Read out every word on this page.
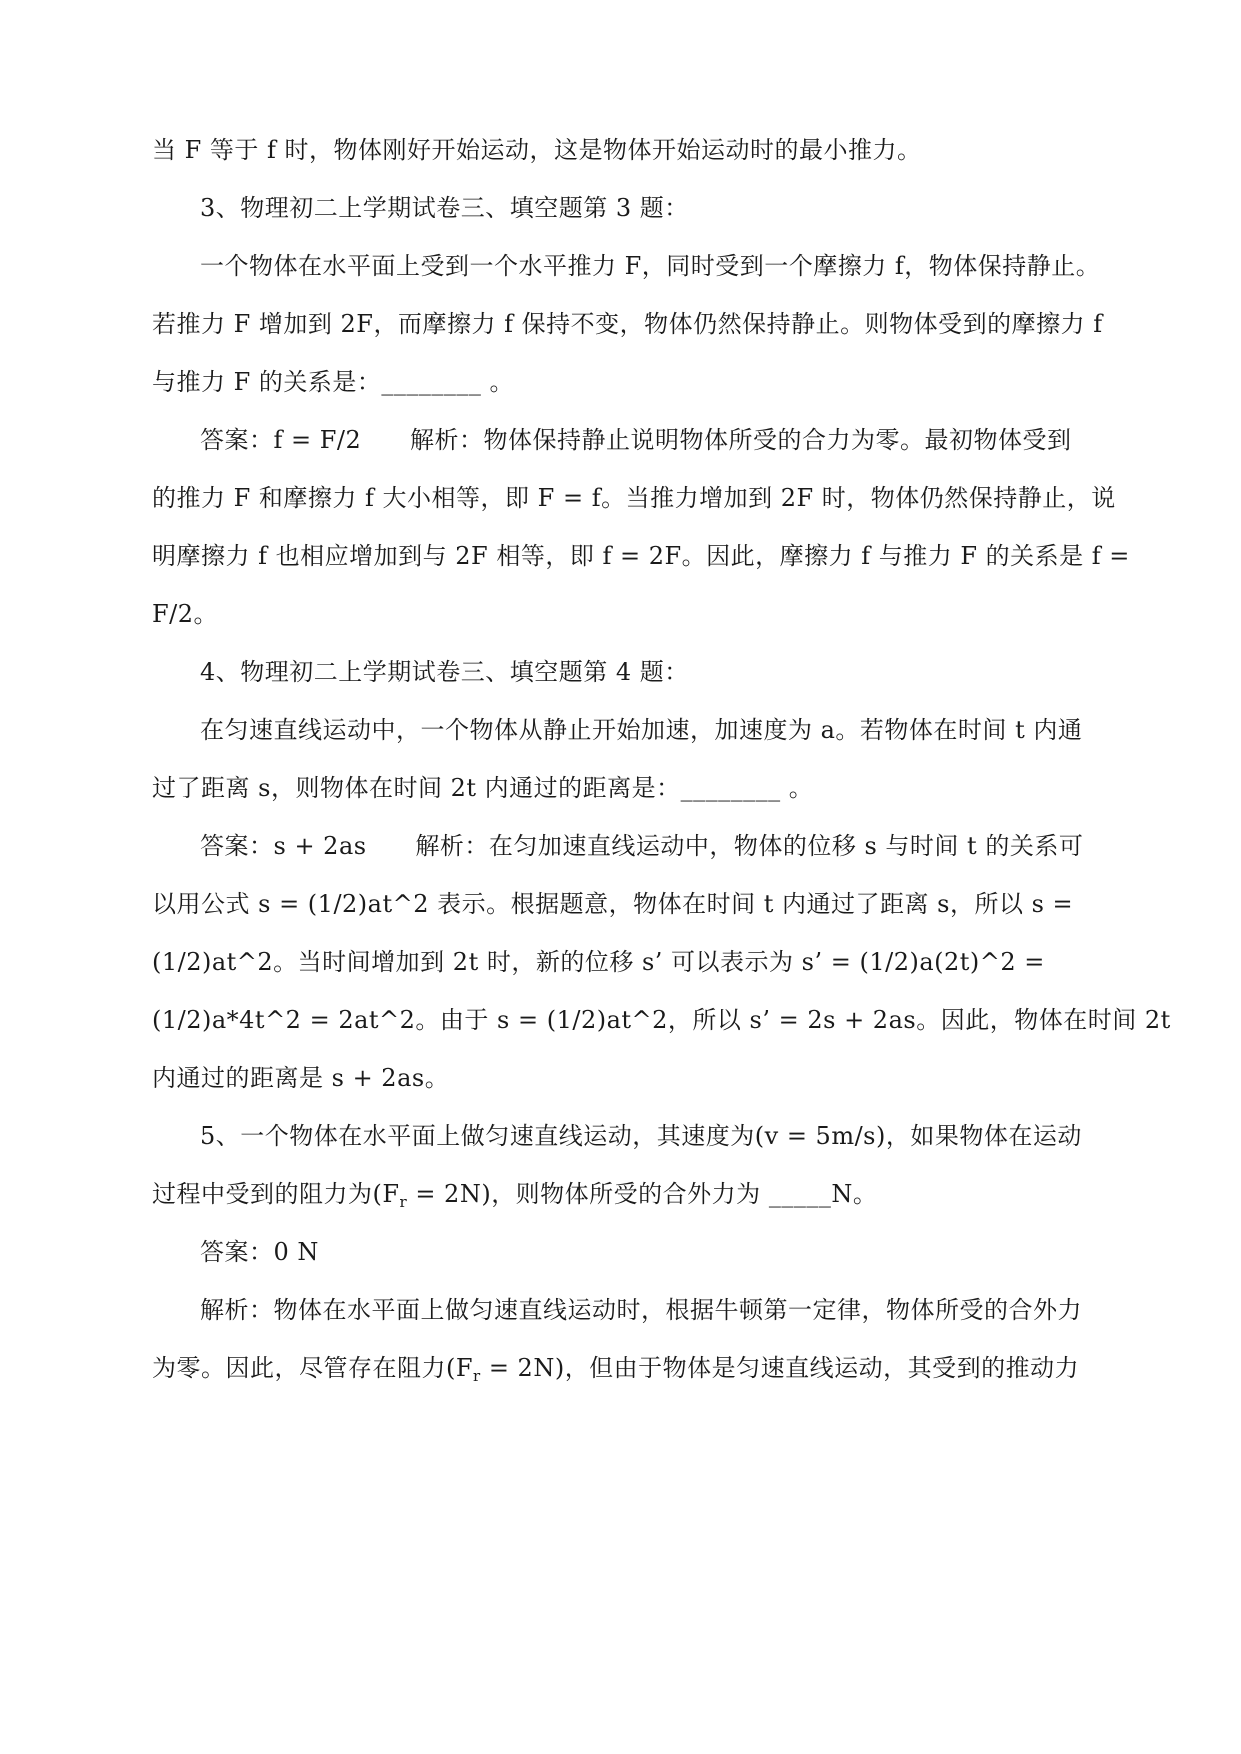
当 F 等于 f 时，物体刚好开始运动，这是物体开始运动时的最小推力。
3、物理初二上学期试卷三、填空题第 3 题：
一个物体在水平面上受到一个水平推力 F，同时受到一个摩擦力 f，物体保持静止。
若推力 F 增加到 2F，而摩擦力 f 保持不变，物体仍然保持静止。则物体受到的摩擦力 f
与推力 F 的关系是：________ 。
答案：f = F/2      解析：物体保持静止说明物体所受的合力为零。最初物体受到
的推力 F 和摩擦力 f 大小相等，即 F = f。当推力增加到 2F 时，物体仍然保持静止，说
明摩擦力 f 也相应增加到与 2F 相等，即 f = 2F。因此，摩擦力 f 与推力 F 的关系是 f =
F/2。
4、物理初二上学期试卷三、填空题第 4 题：
在匀速直线运动中，一个物体从静止开始加速，加速度为 a。若物体在时间 t 内通
过了距离 s，则物体在时间 2t 内通过的距离是：________ 。
答案：s + 2as      解析：在匀加速直线运动中，物体的位移 s 与时间 t 的关系可
以用公式 s = (1/2)at^2 表示。根据题意，物体在时间 t 内通过了距离 s，所以 s =
(1/2)at^2。当时间增加到 2t 时，新的位移 s’ 可以表示为 s’ = (1/2)a(2t)^2 =
(1/2)a*4t^2 = 2at^2。由于 s = (1/2)at^2，所以 s’ = 2s + 2as。因此，物体在时间 2t
内通过的距离是 s + 2as。
5、一个物体在水平面上做匀速直线运动，其速度为(v = 5m/s)，如果物体在运动
过程中受到的阻力为$(F_r = 2N)$，则物体所受的合外力为 _____N。
答案：0 N
解析：物体在水平面上做匀速直线运动时，根据牛顿第一定律，物体所受的合外力
为零。因此，尽管存在阻力$(F_r = 2N)$，但由于物体是匀速直线运动，其受到的推动力
